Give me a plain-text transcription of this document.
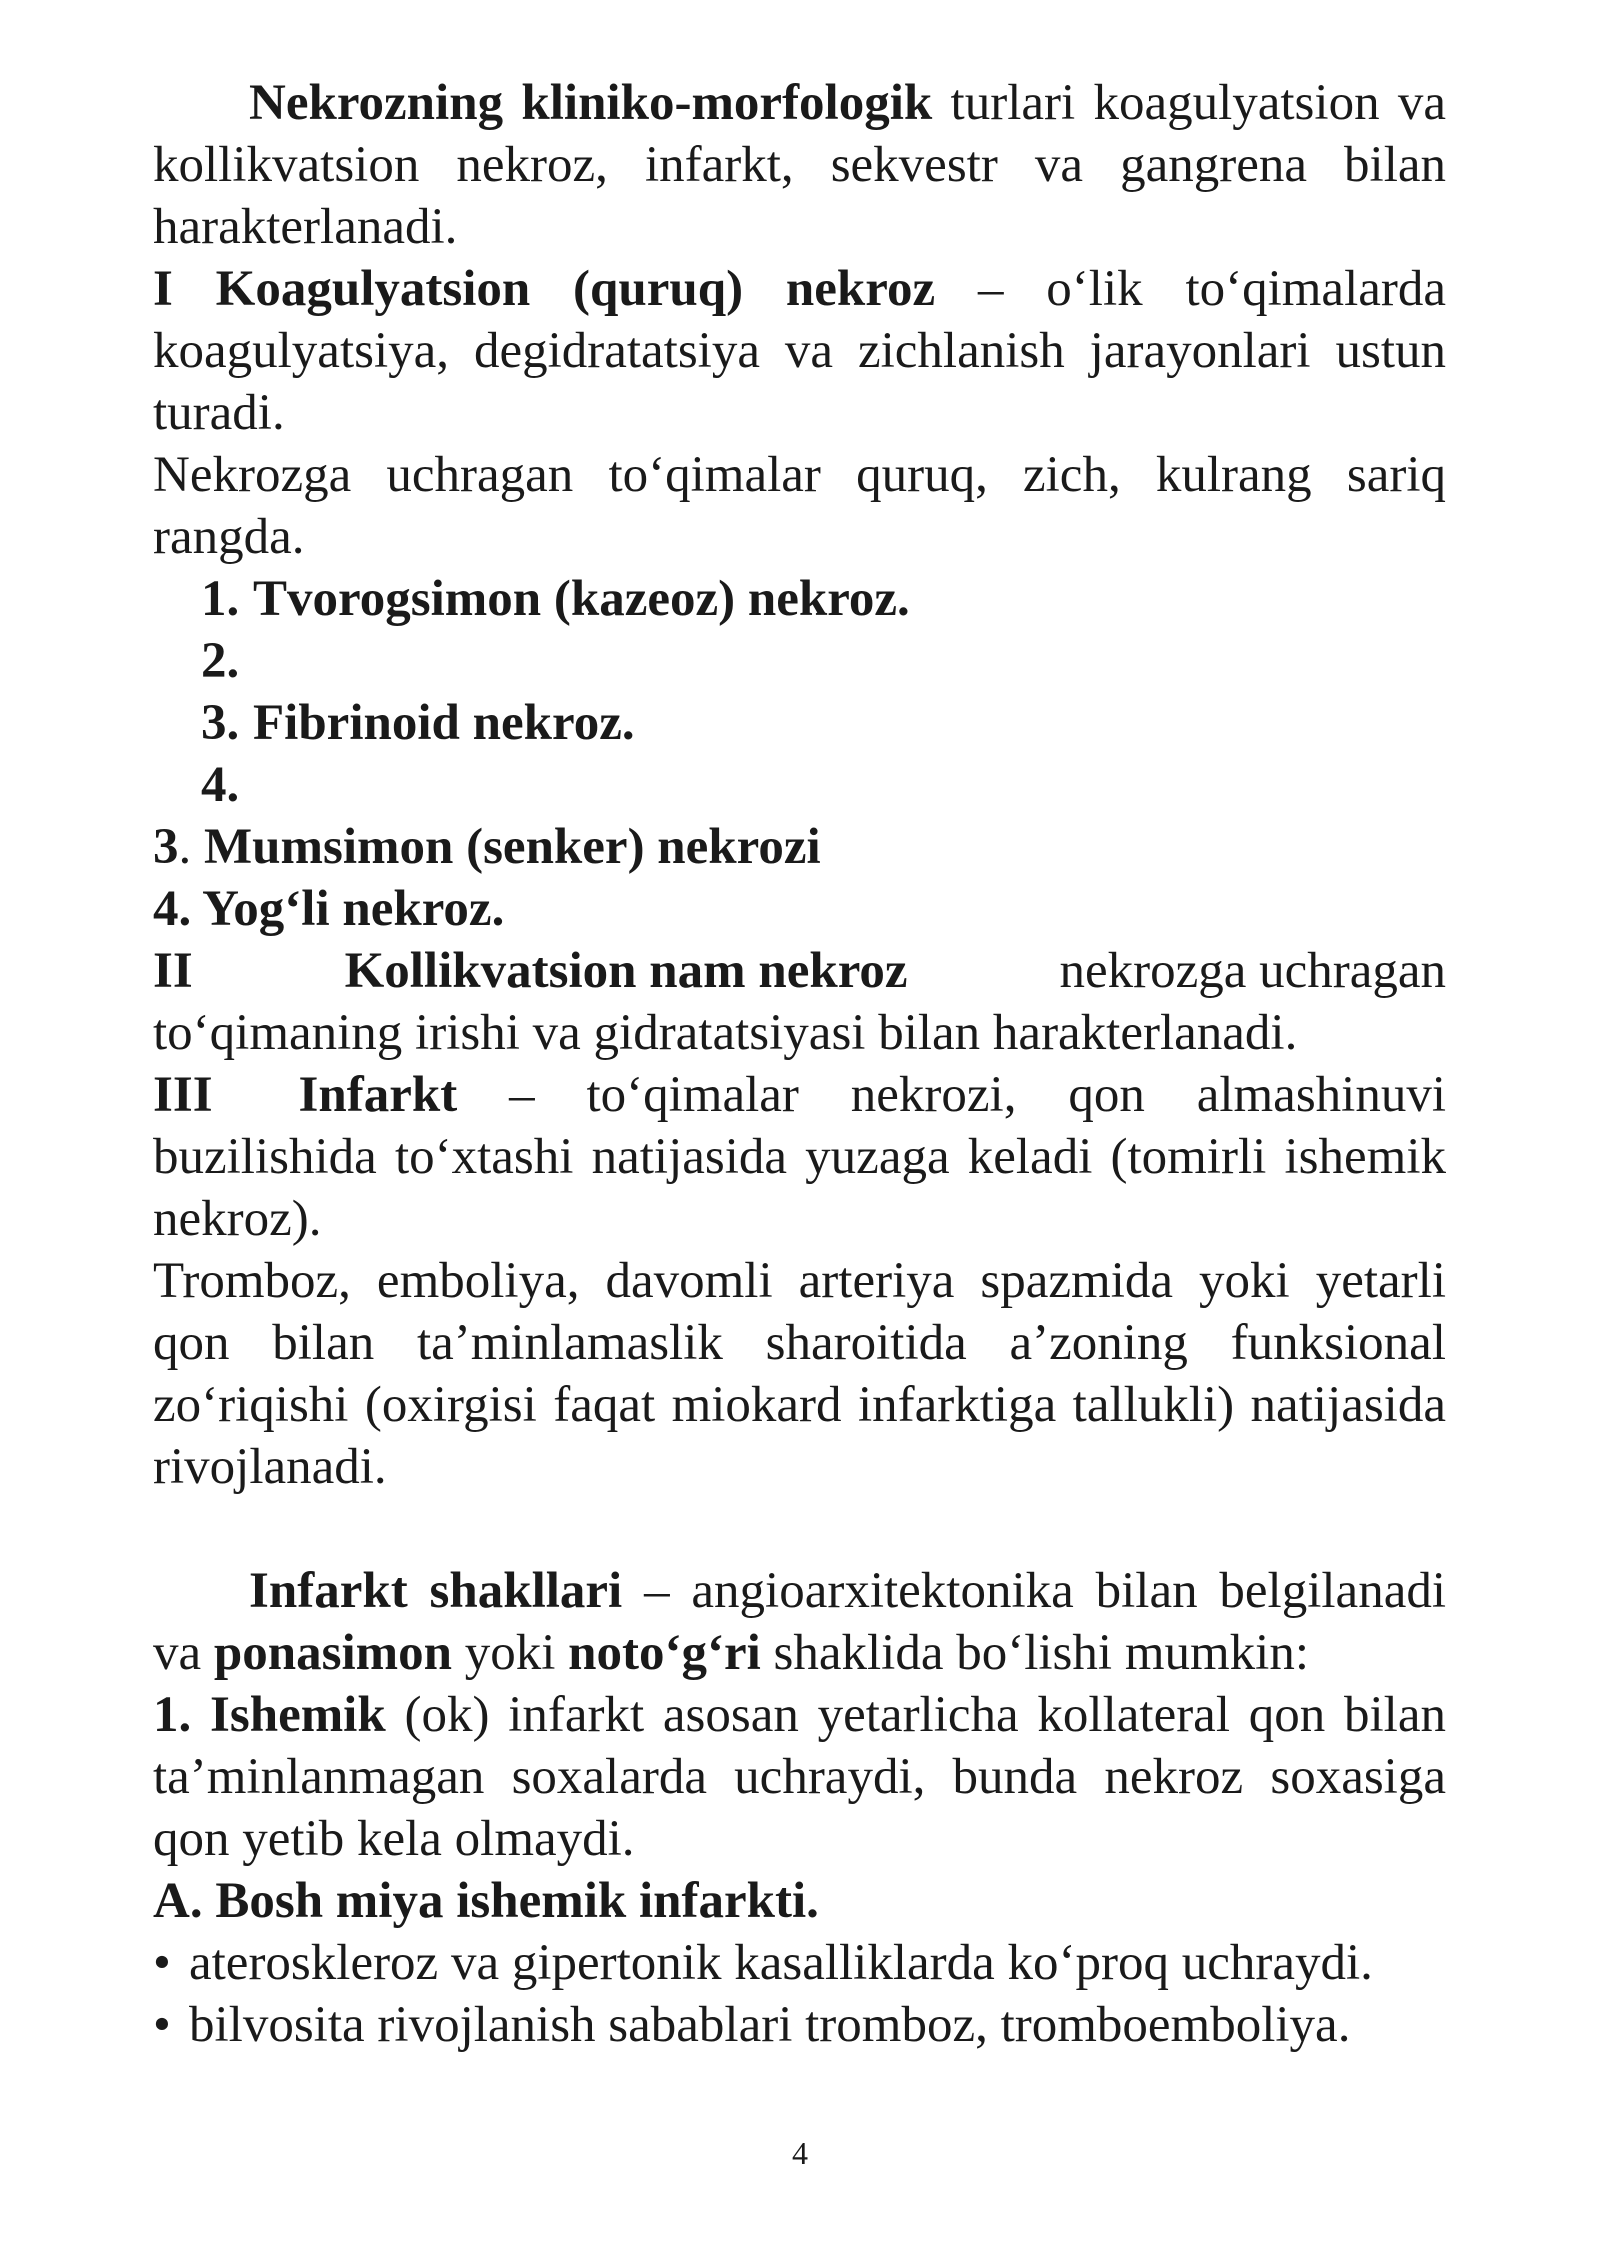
Nekrozning kliniko-morfologik turlari koagulyatsion va kollikvatsion nekroz, infarkt, sekvestr va gangrena bilan harakterlanadi.

I Koagulyatsion (quruq) nekroz – o‘lik to‘qimalarda koagulyatsiya, degidratatsiya va zichlanish jarayonlari ustun turadi.

Nekrozga uchragan to‘qimalar quruq, zich, kulrang sariq rangda.

1. Tvorogsimon (kazeoz) nekroz.

2.

3. Fibrinoid nekroz.

4.

3. Mumsimon (senker) nekrozi

4. Yog‘li nekroz.

II	Kollikvatsion nam nekroz	nekrozga uchragan

to‘qimaning irishi va gidratatsiyasi bilan harakterlanadi.

III Infarkt – to‘qimalar nekrozi, qon almashinuvi buzilishida to‘xtashi natijasida yuzaga keladi (tomirli ishemik nekroz).

Tromboz, emboliya, davomli arteriya spazmida yoki yetarli qon bilan ta’minlamaslik sharoitida a’zoning funksional zo‘riqishi (oxirgisi faqat miokard infarktiga tallukli) natijasida rivojlanadi.

Infarkt shakllari – angioarxitektonika bilan belgilanadi va ponasimon yoki noto‘g‘ri shaklida bo‘lishi mumkin:

1. Ishemik (ok) infarkt asosan yetarlicha kollateral qon bilan ta’minlanmagan soxalarda uchraydi, bunda nekroz soxasiga qon yetib kela olmaydi.

A. Bosh miya ishemik infarkti.

• ateroskleroz va gipertonik kasalliklarda ko‘proq uchraydi.

• bilvosita rivojlanish sabablari tromboz, tromboemboliya.

4
